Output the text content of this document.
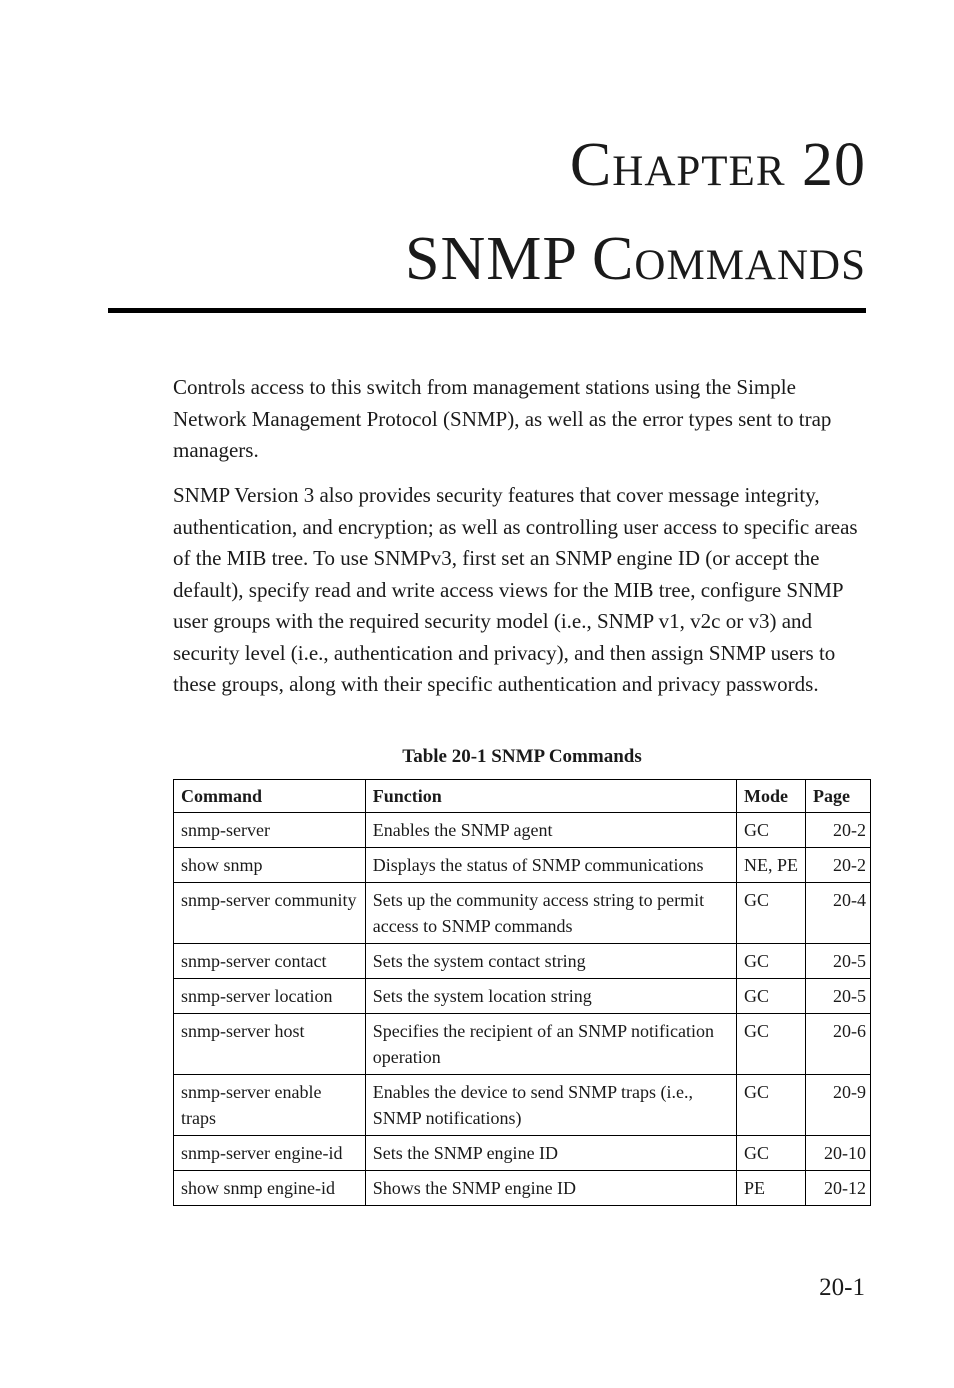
Chapter 20
SNMP Commands

Controls access to this switch from management stations using the Simple Network Management Protocol (SNMP), as well as the error types sent to trap managers.

SNMP Version 3 also provides security features that cover message integrity, authentication, and encryption; as well as controlling user access to specific areas of the MIB tree. To use SNMPv3, first set an SNMP engine ID (or accept the default), specify read and write access views for the MIB tree, configure SNMP user groups with the required security model (i.e., SNMP v1, v2c or v3) and security level (i.e., authentication and privacy), and then assign SNMP users to these groups, along with their specific authentication and privacy passwords.

Table 20-1 SNMP Commands

Command	Function	Mode	Page
snmp-server	Enables the SNMP agent	GC	20-2
show snmp	Displays the status of SNMP communications	NE, PE	20-2
snmp-server community	Sets up the community access string to permit access to SNMP commands	GC	20-4
snmp-server contact	Sets the system contact string	GC	20-5
snmp-server location	Sets the system location string	GC	20-5
snmp-server host	Specifies the recipient of an SNMP notification operation	GC	20-6
snmp-server enable traps	Enables the device to send SNMP traps (i.e., SNMP notifications)	GC	20-9
snmp-server engine-id	Sets the SNMP engine ID	GC	20-10
show snmp engine-id	Shows the SNMP engine ID	PE	20-12

20-1
